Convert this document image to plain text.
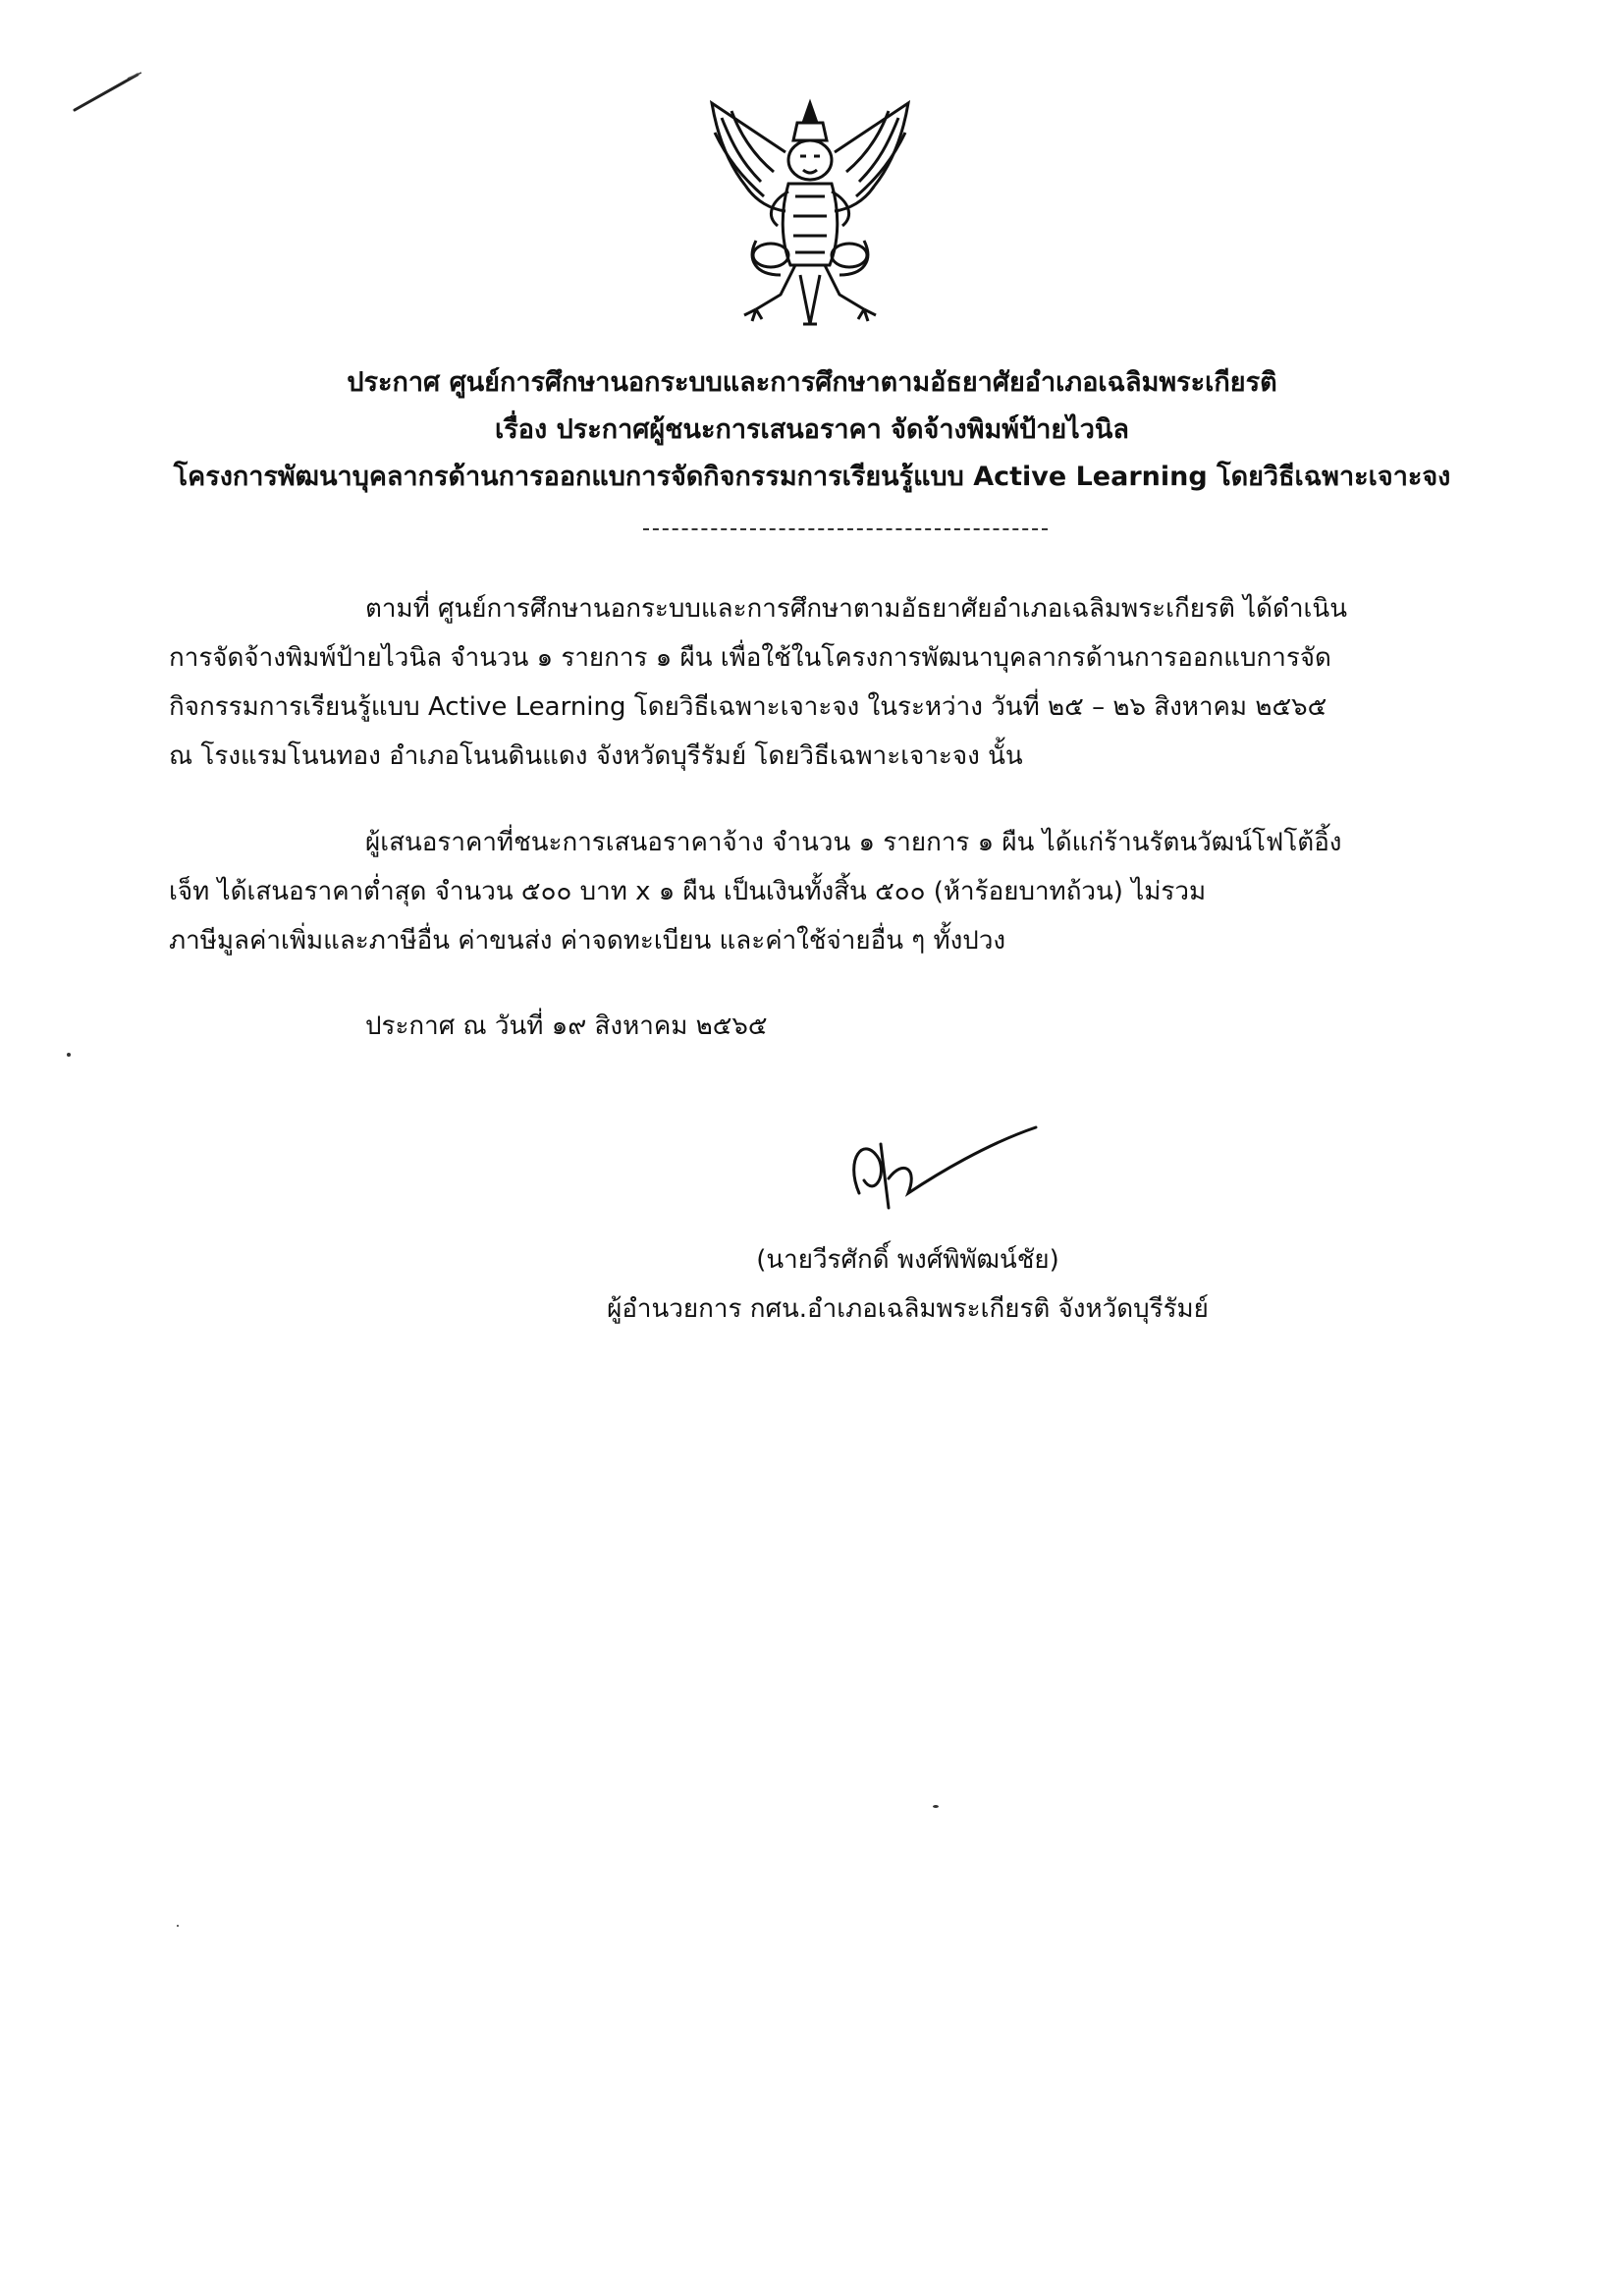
ประกาศ ศูนย์การศึกษานอกระบบและการศึกษาตามอัธยาศัยอำเภอเฉลิมพระเกียรติ
เรื่อง ประกาศผู้ชนะการเสนอราคา จัดจ้างพิมพ์ป้ายไวนิล
โครงการพัฒนาบุคลากรด้านการออกแบการจัดกิจกรรมการเรียนรู้แบบ Active Learning โดยวิธีเฉพาะเจาะจง
ตามที่ ศูนย์การศึกษานอกระบบและการศึกษาตามอัธยาศัยอำเภอเฉลิมพระเกียรติ ได้ดำเนิน
การจัดจ้างพิมพ์ป้ายไวนิล จำนวน ๑ รายการ ๑ ผืน เพื่อใช้ในโครงการพัฒนาบุคลากรด้านการออกแบการจัด
กิจกรรมการเรียนรู้แบบ Active Learning โดยวิธีเฉพาะเจาะจง ในระหว่าง วันที่ ๒๕ – ๒๖ สิงหาคม ๒๕๖๕
ณ โรงแรมโนนทอง อำเภอโนนดินแดง จังหวัดบุรีรัมย์ โดยวิธีเฉพาะเจาะจง นั้น
ผู้เสนอราคาที่ชนะการเสนอราคาจ้าง จำนวน ๑ รายการ ๑ ผืน ได้แก่ร้านรัตนวัฒน์โฟโต้อิ้ง
เจ็ท ได้เสนอราคาต่ำสุด จำนวน ๕๐๐ บาท x ๑ ผืน เป็นเงินทั้งสิ้น ๕๐๐ (ห้าร้อยบาทถ้วน) ไม่รวม
ภาษีมูลค่าเพิ่มและภาษีอื่น ค่าขนส่ง ค่าจดทะเบียน และค่าใช้จ่ายอื่น ๆ ทั้งปวง
ประกาศ ณ วันที่ ๑๙ สิงหาคม ๒๕๖๕
(นายวีรศักดิ์ พงศ์พิพัฒน์ชัย)
ผู้อำนวยการ กศน.อำเภอเฉลิมพระเกียรติ จังหวัดบุรีรัมย์
